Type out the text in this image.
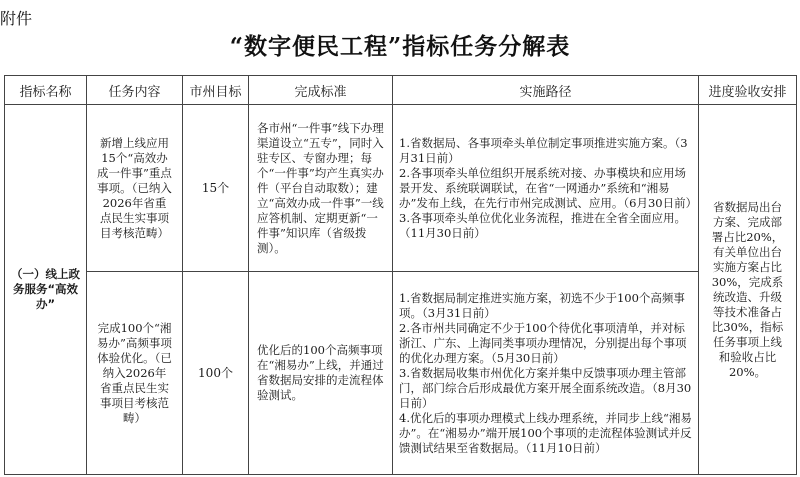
附件
“数字便民工程”指标任务分解表
指标名称	任务内容	市州目标	完成标准	实施路径	进度验收安排
（一）线上政务服务“高效办”	新增上线应用15个“高效办成一件事”重点事项。（已纳入2026年省重点民生实事项目考核范畴）	15个	各市州“一件事”线下办理渠道设立“五专”，同时入驻专区、专窗办理；每个“一件事”均产生真实办件（平台自动取数）；建立“高效办成一件事”一线应答机制、定期更新“一件事”知识库（省级拨测）。	1.省数据局、各事项牵头单位制定事项推进实施方案。（3月31日前）
2.各事项牵头单位组织开展系统对接、办事模块和应用场景开发、系统联调联试，在省“一网通办”系统和“湘易办”发布上线，在先行市州完成测试、应用。（6月30日前）
3.各事项牵头单位优化业务流程，推进在全省全面应用。（11月30日前）	省数据局出台方案、完成部署占比20%，有关单位出台实施方案占比30%，完成系统改造、升级等技术准备占比30%，指标任务事项上线和验收占比20%。
	完成100个“湘易办”高频事项体验优化。（已纳入2026年省重点民生实事项目考核范畴）	100个	优化后的100个高频事项在“湘易办”上线，并通过省数据局安排的走流程体验测试。	1.省数据局制定推进实施方案，初选不少于100个高频事项。（3月31日前）
2.各市州共同确定不少于100个待优化事项清单，并对标浙江、广东、上海同类事项办理情况，分别提出每个事项的优化办理方案。（5月30日前）
3.省数据局收集市州优化方案并集中反馈事项办理主管部门，部门综合后形成最优方案开展全面系统改造。（8月30日前）
4.优化后的事项办理模式上线办理系统，并同步上线“湘易办”。在“湘易办”端开展100个事项的走流程体验测试并反馈测试结果至省数据局。（11月10日前）	
